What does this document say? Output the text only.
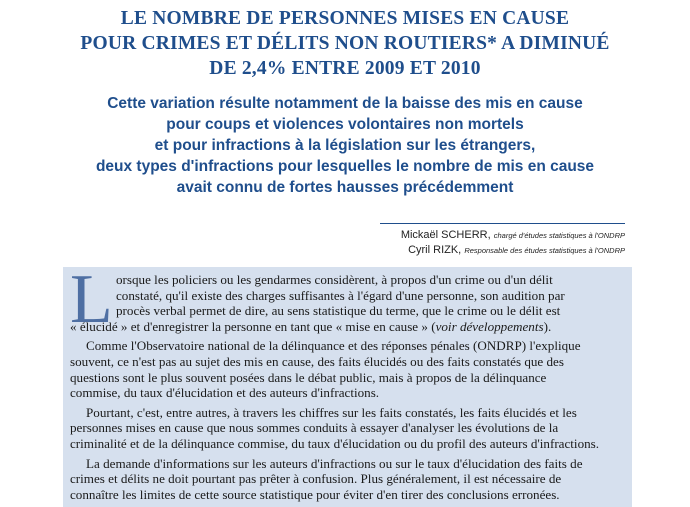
LE NOMBRE DE PERSONNES MISES EN CAUSE
POUR CRIMES ET DÉLITS NON ROUTIERS* A DIMINUÉ
DE 2,4% ENTRE 2009 ET 2010
Cette variation résulte notamment de la baisse des mis en cause
pour coups et violences volontaires non mortels
et pour infractions à la législation sur les étrangers,
deux types d'infractions pour lesquelles le nombre de mis en cause
avait connu de fortes hausses précédemment
Mickaël SCHERR, chargé d'études statistiques à l'ONDRP
Cyril RIZK, Responsable des études statistiques à l'ONDRP
L orsque les policiers ou les gendarmes considèrent, à propos d'un crime ou d'un délit
constaté, qu'il existe des charges suffisantes à l'égard d'une personne, son audition par
procès verbal permet de dire, au sens statistique du terme, que le crime ou le délit est
« élucidé » et d'enregistrer la personne en tant que « mise en cause » (voir développements).
Comme l'Observatoire national de la délinquance et des réponses pénales (ONDRP) l'explique
souvent, ce n'est pas au sujet des mis en cause, des faits élucidés ou des faits constatés que des
questions sont le plus souvent posées dans le débat public, mais à propos de la délinquance
commise, du taux d'élucidation et des auteurs d'infractions.
Pourtant, c'est, entre autres, à travers les chiffres sur les faits constatés, les faits élucidés et les
personnes mises en cause que nous sommes conduits à essayer d'analyser les évolutions de la
criminalité et de la délinquance commise, du taux d'élucidation ou du profil des auteurs d'infractions.
La demande d'informations sur les auteurs d'infractions ou sur le taux d'élucidation des faits de
crimes et délits ne doit pourtant pas prêter à confusion. Plus généralement, il est nécessaire de
connaître les limites de cette source statistique pour éviter d'en tirer des conclusions erronées.
